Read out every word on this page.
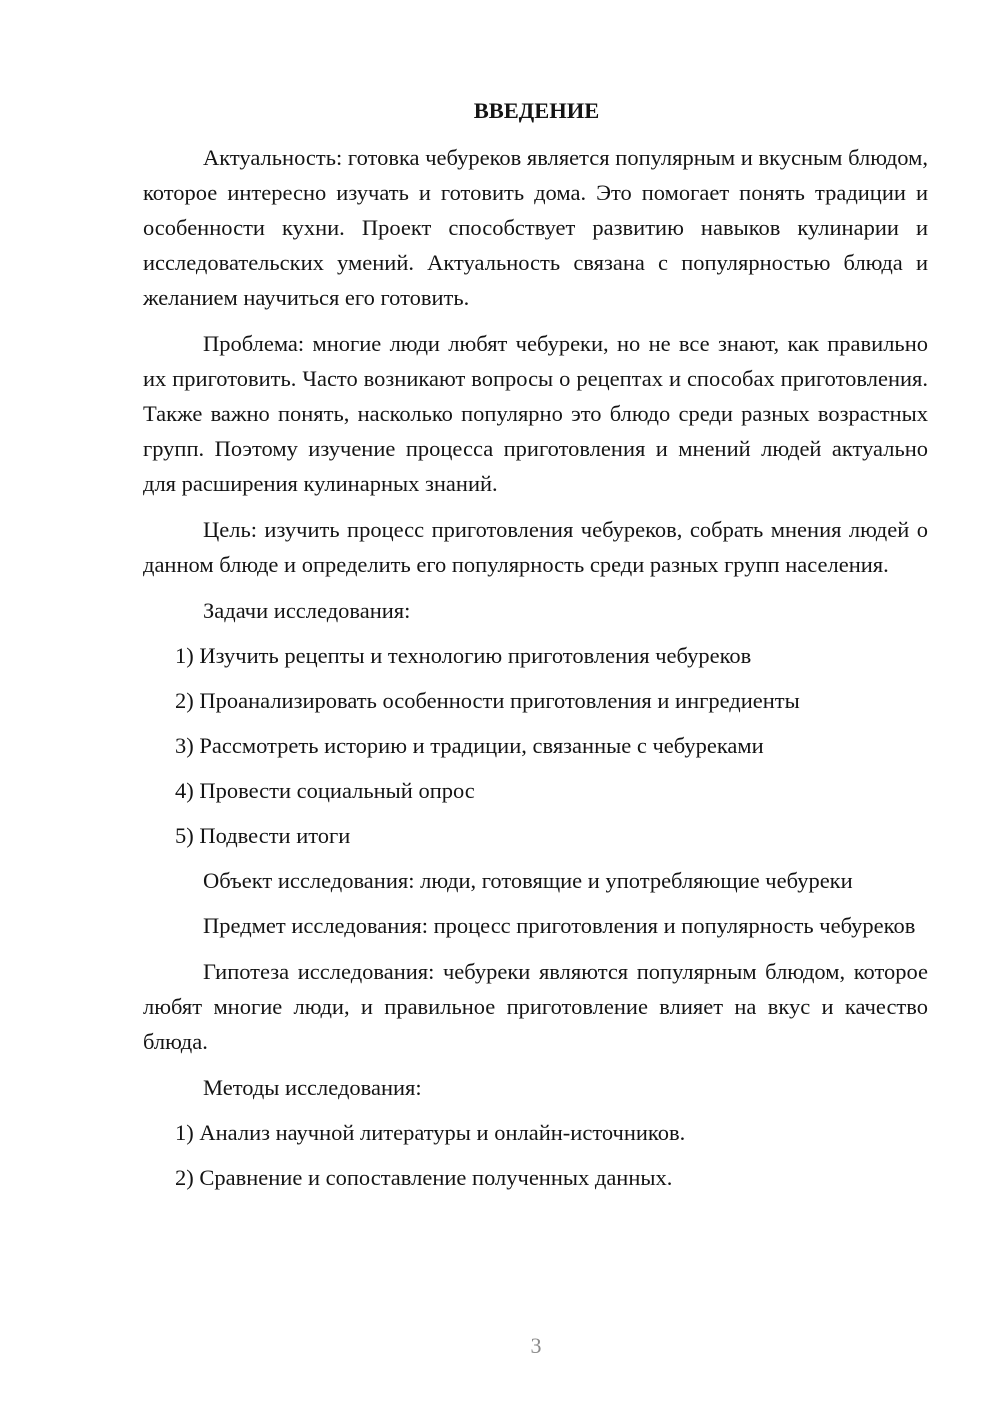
ВВЕДЕНИЕ

Актуальность: готовка чебуреков является популярным и вкусным блюдом, которое интересно изучать и готовить дома. Это помогает понять традиции и особенности кухни. Проект способствует развитию навыков кулинарии и исследовательских умений. Актуальность связана с популярностью блюда и желанием научиться его готовить.

Проблема: многие люди любят чебуреки, но не все знают, как правильно их приготовить. Часто возникают вопросы о рецептах и способах приготовления. Также важно понять, насколько популярно это блюдо среди разных возрастных групп. Поэтому изучение процесса приготовления и мнений людей актуально для расширения кулинарных знаний.

Цель: изучить процесс приготовления чебуреков, собрать мнения людей о данном блюде и определить его популярность среди разных групп населения.

Задачи исследования:

1) Изучить рецепты и технологию приготовления чебуреков

2) Проанализировать особенности приготовления и ингредиенты

3) Рассмотреть историю и традиции, связанные с чебуреками

4) Провести социальный опрос

5) Подвести итоги

Объект исследования: люди, готовящие и употребляющие чебуреки

Предмет исследования: процесс приготовления и популярность чебуреков

Гипотеза исследования: чебуреки являются популярным блюдом, которое любят многие люди, и правильное приготовление влияет на вкус и качество блюда.

Методы исследования:

1) Анализ научной литературы и онлайн-источников.

2) Сравнение и сопоставление полученных данных.

3
